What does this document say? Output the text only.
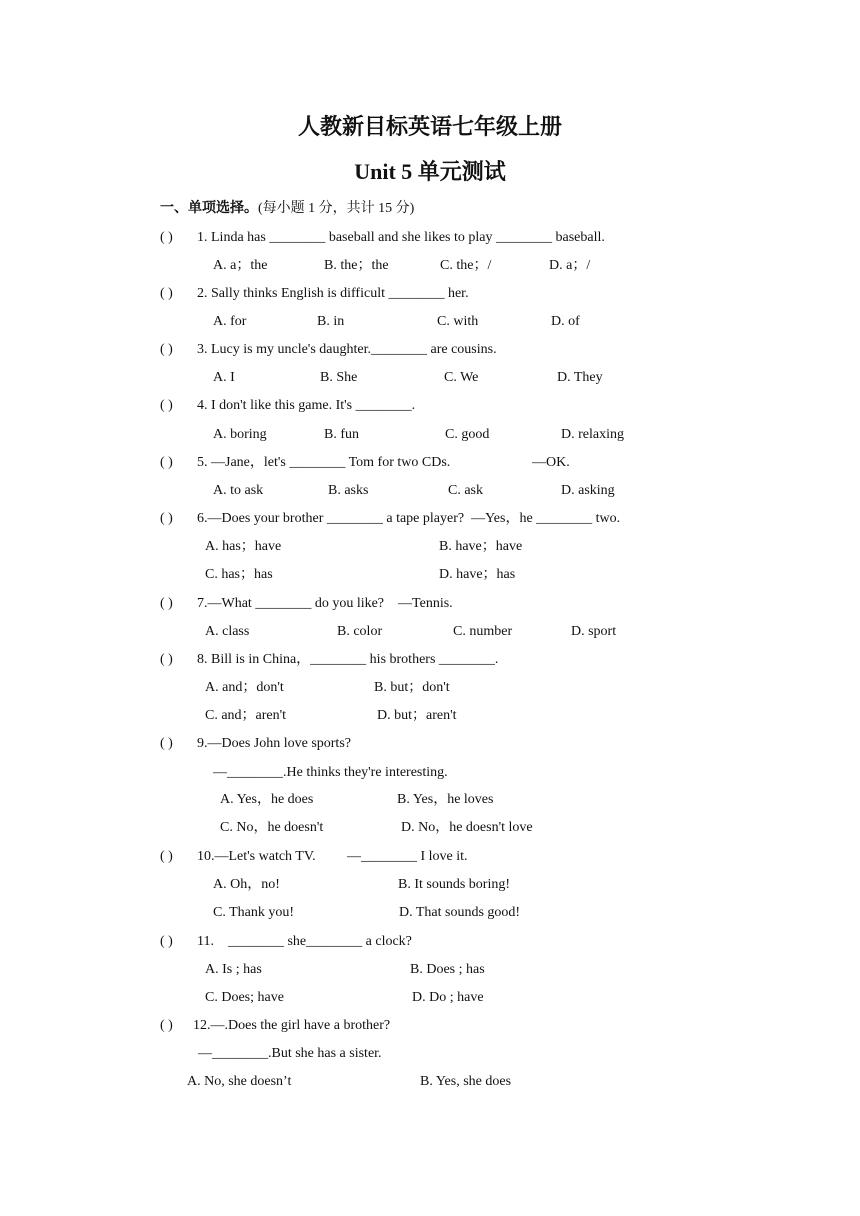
人教新目标英语七年级上册
Unit 5 单元测试
一、单项选择。(每小题 1 分，共计 15 分)
( ) 1. Linda has ________ baseball and she likes to play ________ baseball.
A. a；the	B. the；the	C. the；/	D. a；/
( ) 2. Sally thinks English is difficult ________ her.
A. for	B. in	C. with	D. of
( ) 3. Lucy is my uncle's daughter.________ are cousins.
A. I	B. She	C. We	D. They
( ) 4. I don't like this game. It's ________.
A. boring	B. fun	C. good	D. relaxing
( ) 5. —Jane，let's ________ Tom for two CDs.	—OK.
A. to ask	B. asks	C. ask	D. asking
( ) 6.—Does your brother ________ a tape player?  —Yes，he ________ two.
A. has；have	B. have；have
C. has；has	D. have；has
( ) 7.—What ________ do you like?    —Tennis.
A. class	B. color	C. number	D. sport
( ) 8. Bill is in China，________ his brothers ________.
A. and；don't	B. but；don't
C. and；aren't	D. but；aren't
( ) 9.—Does John love sports?
—________.He thinks they're interesting.
A. Yes，he does	B. Yes，he loves
C. No，he doesn't	D. No，he doesn't love
( ) 10.—Let's watch TV. —________ I love it.
A. Oh，no!	B. It sounds boring!
C. Thank you!	D. That sounds good!
( ) 11.    ________ she________ a clock?
A. Is ; has	B. Does ; has
C. Does; have	D. Do ; have
( ) 12.—.Does the girl have a brother?
—________.But she has a sister.
A. No, she doesn’t	B. Yes, she does
